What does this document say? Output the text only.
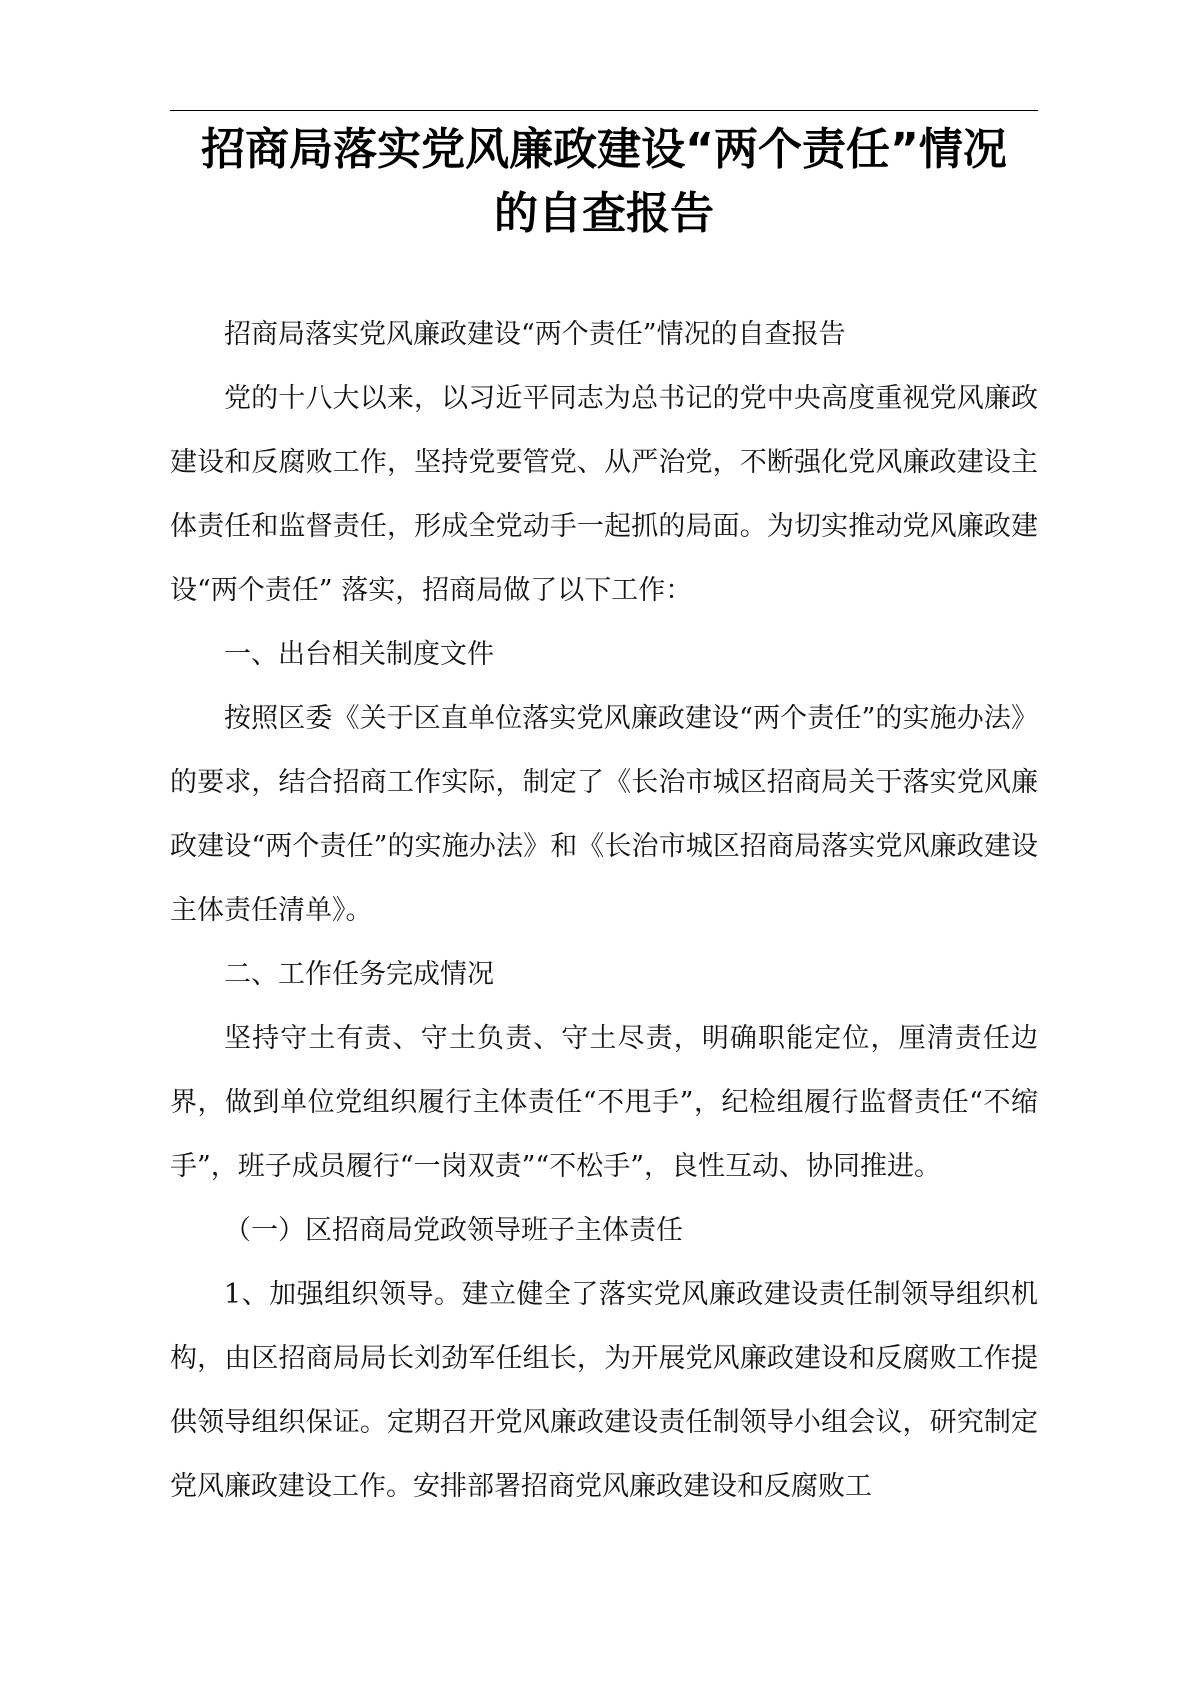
招商局落实党风廉政建设“两个责任”情况
的自查报告

招商局落实党风廉政建设“两个责任”情况的自查报告

党的十八大以来，以习近平同志为总书记的党中央高度重视党风廉政建设和反腐败工作，坚持党要管党、从严治党，不断强化党风廉政建设主体责任和监督责任，形成全党动手一起抓的局面。为切实推动党风廉政建设“两个责任” 落实，招商局做了以下工作：

一、出台相关制度文件

按照区委《关于区直单位落实党风廉政建设“两个责任”的实施办法》的要求，结合招商工作实际，制定了《长治市城区招商局关于落实党风廉政建设“两个责任”的实施办法》和《长治市城区招商局落实党风廉政建设主体责任清单》。

二、工作任务完成情况

坚持守土有责、守土负责、守土尽责，明确职能定位，厘清责任边界，做到单位党组织履行主体责任“不甩手”，纪检组履行监督责任“不缩手”，班子成员履行“一岗双责”“不松手”，良性互动、协同推进。

（一）区招商局党政领导班子主体责任

1、加强组织领导。建立健全了落实党风廉政建设责任制领导组织机构，由区招商局局长刘劲军任组长，为开展党风廉政建设和反腐败工作提供领导组织保证。定期召开党风廉政建设责任制领导小组会议，研究制定党风廉政建设工作。安排部署招商党风廉政建设和反腐败工
